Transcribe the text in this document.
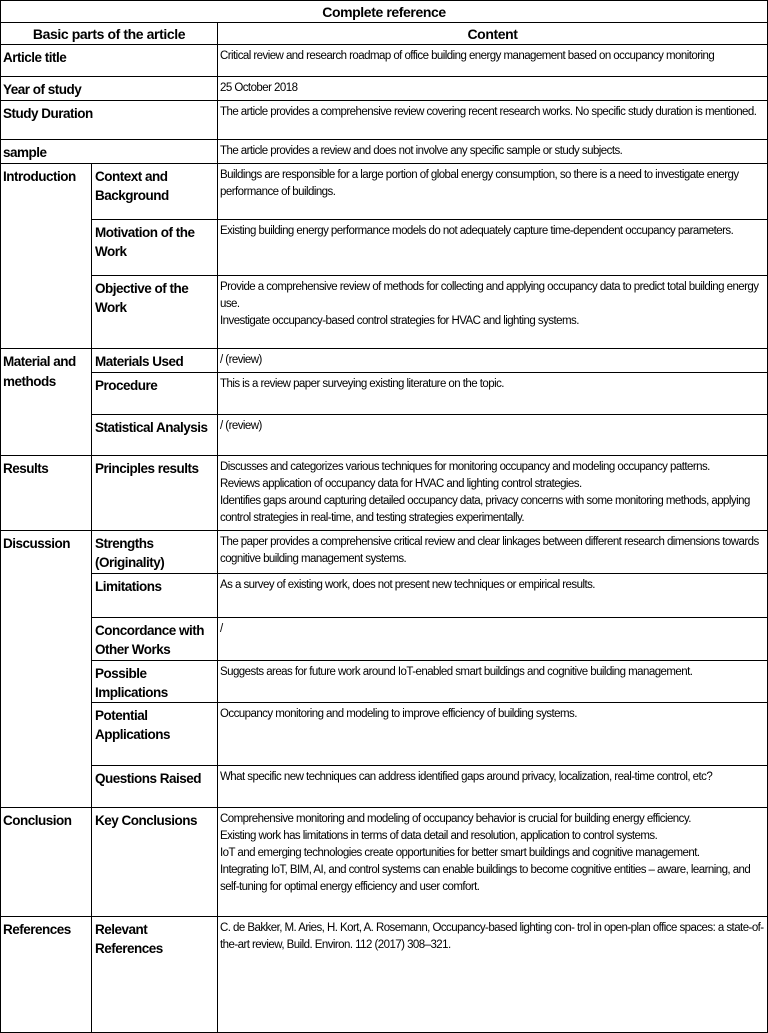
Complete reference		
Basic parts of the article		Content
Article title		Critical review and research roadmap of office building energy management based on occupancy monitoring
Year of study		25 October 2018
Study Duration		The article provides a comprehensive review covering recent research works. No specific study duration is mentioned.
sample		The article provides a review and does not involve any specific sample or study subjects.
Introduction	Context and Background	Buildings are responsible for a large portion of global energy consumption, so there is a need to investigate energy performance of buildings.
	Motivation of the Work	Existing building energy performance models do not adequately capture time-dependent occupancy parameters.
	Objective of the Work	Provide a comprehensive review of methods for collecting and applying occupancy data to predict total building energy use.
Investigate occupancy-based control strategies for HVAC and lighting systems.

Material and methods	Materials Used	/ (review)
	Procedure	This is a review paper surveying existing literature on the topic.
	Statistical Analysis	/ (review)
Results	Principles results	Discusses and categorizes various techniques for monitoring occupancy and modeling occupancy patterns.
Reviews application of occupancy data for HVAC and lighting control strategies.
Identifies gaps around capturing detailed occupancy data, privacy concerns with some monitoring methods, applying control strategies in real-time, and testing strategies experimentally.

Discussion	Strengths (Originality)	The paper provides a comprehensive critical review and clear linkages between different research dimensions towards cognitive building management systems.
	Limitations	As a survey of existing work, does not present new techniques or empirical results.
	Concordance with Other Works	/
	Possible Implications	Suggests areas for future work around IoT-enabled smart buildings and cognitive building management.
	Potential Applications	Occupancy monitoring and modeling to improve efficiency of building systems.
	Questions Raised	What specific new techniques can address identified gaps around privacy, localization, real-time control, etc?
Conclusion	Key Conclusions	Comprehensive monitoring and modeling of occupancy behavior is crucial for building energy efficiency.
Existing work has limitations in terms of data detail and resolution, application to control systems.
IoT and emerging technologies create opportunities for better smart buildings and cognitive management.
Integrating IoT, BIM, AI, and control systems can enable buildings to become cognitive entities – aware, learning, and self-tuning for optimal energy efficiency and user comfort.

References	Relevant References	C. de Bakker, M. Aries, H. Kort, A. Rosemann, Occupancy-based lighting con- trol in open-plan office spaces: a state-of-the-art review, Build. Environ. 112 (2017) 308–321.
